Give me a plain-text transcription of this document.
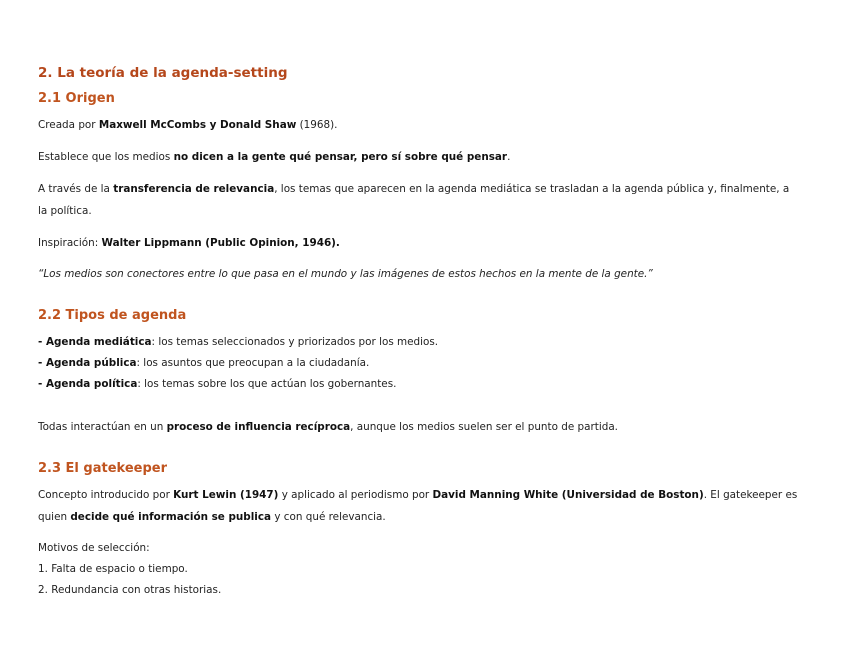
2. La teoría de la agenda-setting
2.1 Origen
Creada por Maxwell McCombs y Donald Shaw (1968).
Establece que los medios no dicen a la gente qué pensar, pero sí sobre qué pensar.
A través de la transferencia de relevancia, los temas que aparecen en la agenda mediática se trasladan a la agenda pública y, finalmente, a la política.
Inspiración: Walter Lippmann (Public Opinion, 1946).
“Los medios son conectores entre lo que pasa en el mundo y las imágenes de estos hechos en la mente de la gente.”
2.2 Tipos de agenda
- Agenda mediática: los temas seleccionados y priorizados por los medios.
- Agenda pública: los asuntos que preocupan a la ciudadanía.
- Agenda política: los temas sobre los que actúan los gobernantes.
Todas interactúan en un proceso de influencia recíproca, aunque los medios suelen ser el punto de partida.
2.3 El gatekeeper
Concepto introducido por Kurt Lewin (1947) y aplicado al periodismo por David Manning White (Universidad de Boston). El gatekeeper es quien decide qué información se publica y con qué relevancia.
Motivos de selección:
1. Falta de espacio o tiempo.
2. Redundancia con otras historias.
